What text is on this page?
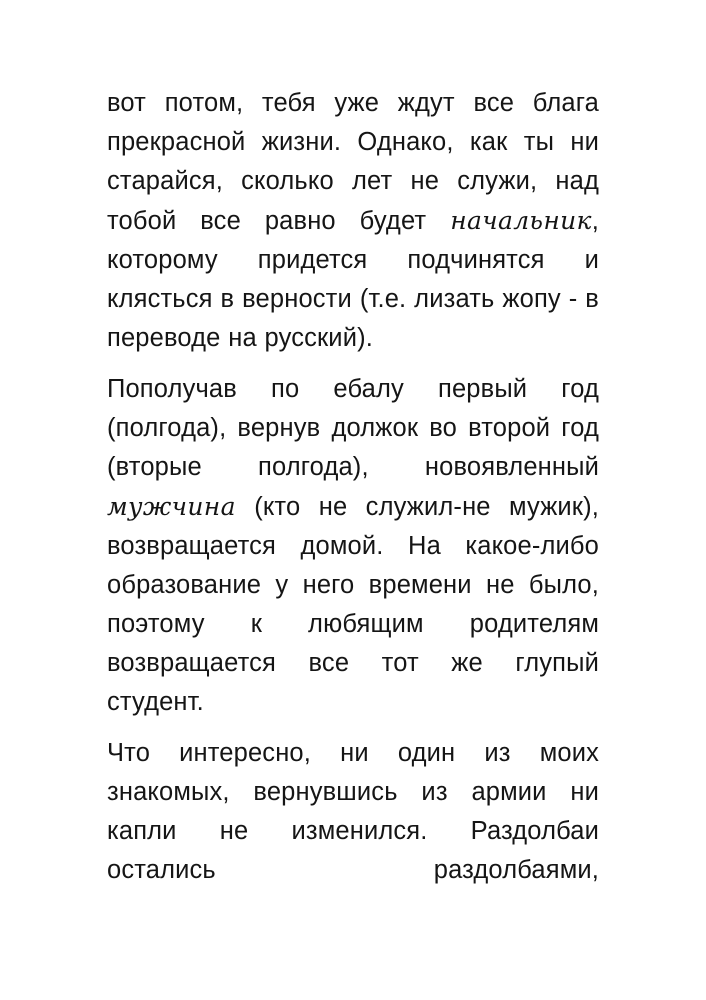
вот потом, тебя уже ждут все блага прекрасной жизни. Однако, как ты ни старайся, сколько лет не служи, над тобой все равно будет начальник, которому придется подчинятся и клясться в верности (т.е. лизать жопу - в переводе на русский).

Пополучав по ебалу первый год (полгода), вернув должок во второй год (вторые полгода), новоявленный мужчина (кто не служил-не мужик), возвращается домой. На какое-либо образование у него времени не было, поэтому к любящим родителям возвращается все тот же глупый студент.

Что интересно, ни один из моих знакомых, вернувшись из армии ни капли не изменился. Раздолбаи остались раздолбаями,
